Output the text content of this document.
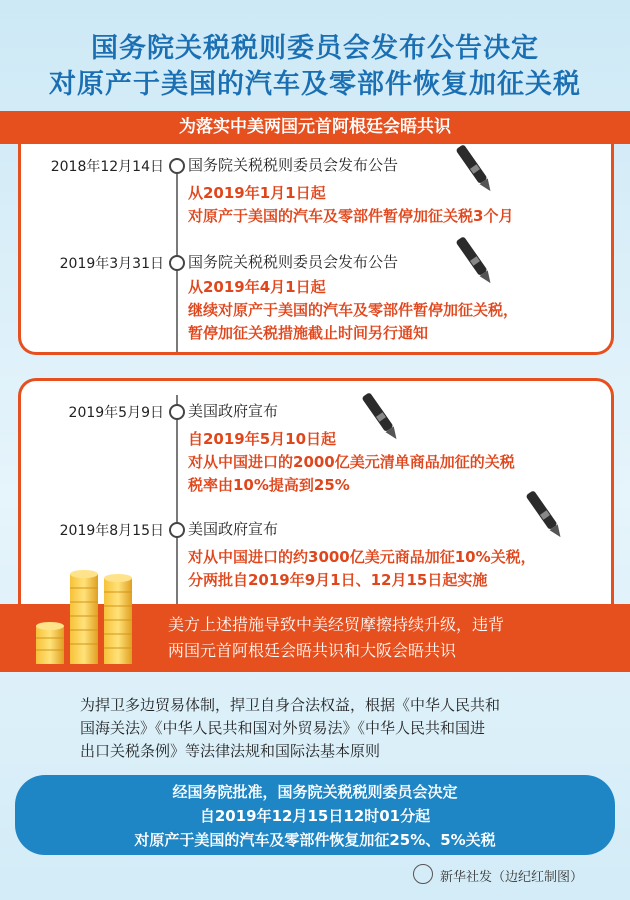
国务院关税税则委员会发布公告决定
对原产于美国的汽车及零部件恢复加征关税
为落实中美两国元首阿根廷会晤共识
2018年12月14日 国务院关税税则委员会发布公告
从2019年1月1日起
对原产于美国的汽车及零部件暂停加征关税3个月
2019年3月31日 国务院关税税则委员会发布公告
从2019年4月1日起
继续对原产于美国的汽车及零部件暂停加征关税，
暂停加征关税措施截止时间另行通知
2019年5月9日 美国政府宣布
自2019年5月10日起
对从中国进口的2000亿美元清单商品加征的关税
税率由10%提高到25%
2019年8月15日 美国政府宣布
对从中国进口的约3000亿美元商品加征10%关税，
分两批自2019年9月1日、12月15日起实施
美方上述措施导致中美经贸摩擦持续升级，违背
两国元首阿根廷会晤共识和大阪会晤共识
为捍卫多边贸易体制，捍卫自身合法权益，根据《中华人民共和
国海关法》《中华人民共和国对外贸易法》《中华人民共和国进
出口关税条例》等法律法规和国际法基本原则
经国务院批准，国务院关税税则委员会决定
自2019年12月15日12时01分起
对原产于美国的汽车及零部件恢复加征25%、5%关税
新华社发（边纪红制图）
